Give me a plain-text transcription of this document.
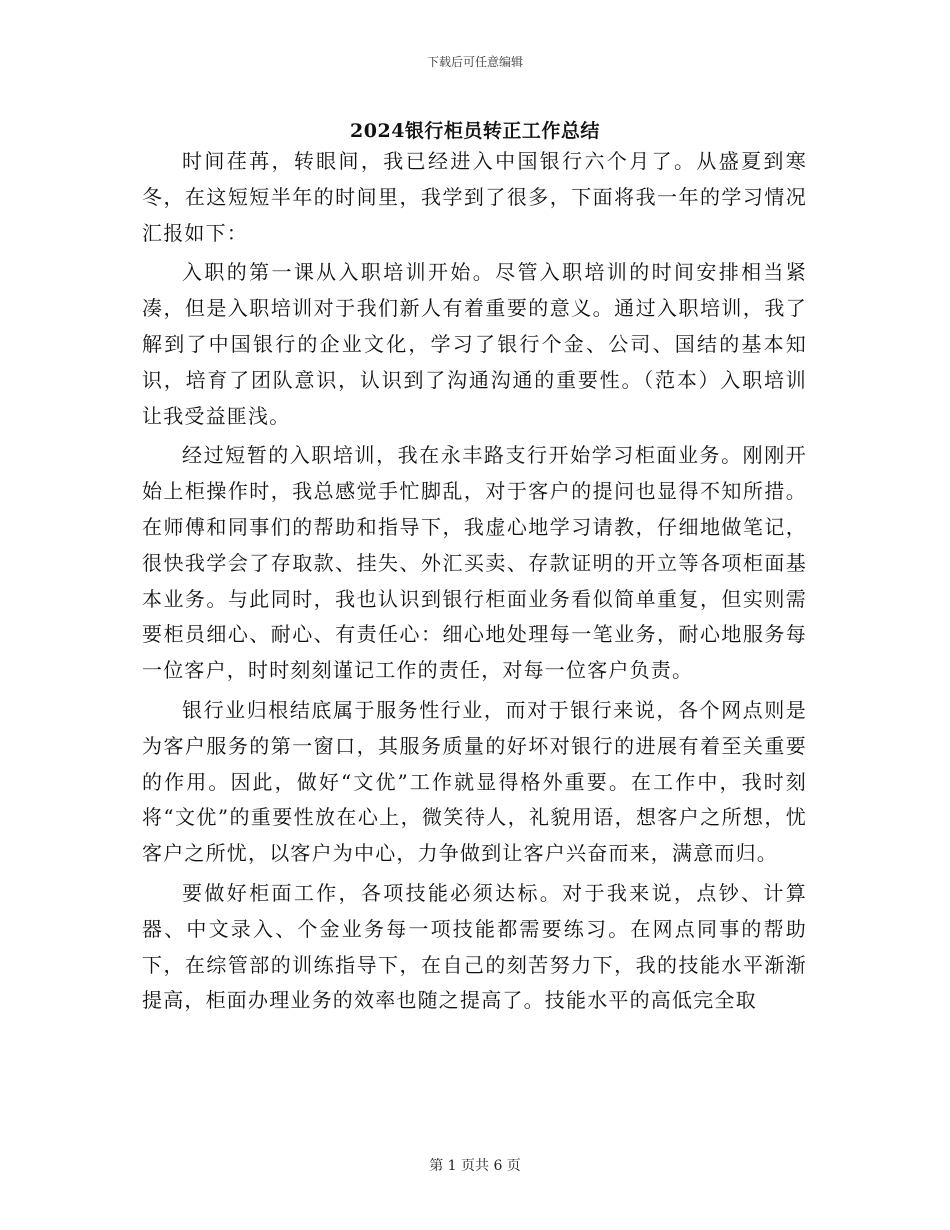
下载后可任意编辑
2024银行柜员转正工作总结

时间荏苒，转眼间，我已经进入中国银行六个月了。从盛夏到寒冬，在这短短半年的时间里，我学到了很多，下面将我一年的学习情况汇报如下：

入职的第一课从入职培训开始。尽管入职培训的时间安排相当紧凑，但是入职培训对于我们新人有着重要的意义。通过入职培训，我了解到了中国银行的企业文化，学习了银行个金、公司、国结的基本知识，培育了团队意识，认识到了沟通沟通的重要性。（范本）入职培训让我受益匪浅。

经过短暂的入职培训，我在永丰路支行开始学习柜面业务。刚刚开始上柜操作时，我总感觉手忙脚乱，对于客户的提问也显得不知所措。在师傅和同事们的帮助和指导下，我虚心地学习请教，仔细地做笔记，很快我学会了存取款、挂失、外汇买卖、存款证明的开立等各项柜面基本业务。与此同时，我也认识到银行柜面业务看似简单重复，但实则需要柜员细心、耐心、有责任心：细心地处理每一笔业务，耐心地服务每一位客户，时时刻刻谨记工作的责任，对每一位客户负责。

银行业归根结底属于服务性行业，而对于银行来说，各个网点则是为客户服务的第一窗口，其服务质量的好坏对银行的进展有着至关重要的作用。因此，做好“文优”工作就显得格外重要。在工作中，我时刻将“文优”的重要性放在心上，微笑待人，礼貌用语，想客户之所想，忧客户之所忧，以客户为中心，力争做到让客户兴奋而来，满意而归。

要做好柜面工作，各项技能必须达标。对于我来说，点钞、计算器、中文录入、个金业务每一项技能都需要练习。在网点同事的帮助下，在综管部的训练指导下，在自己的刻苦努力下，我的技能水平渐渐提高，柜面办理业务的效率也随之提高了。技能水平的高低完全取

第 1 页共 6 页
